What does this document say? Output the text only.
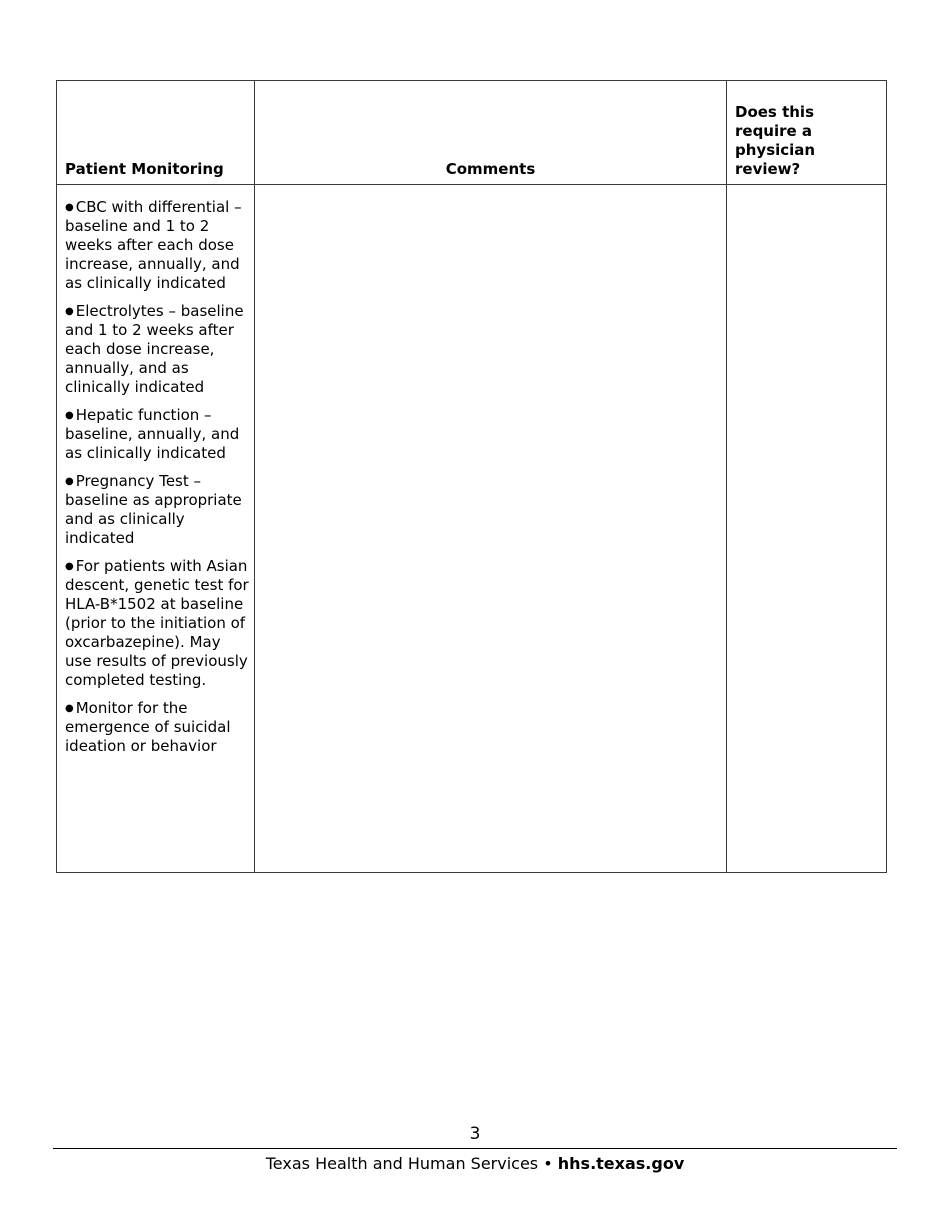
Patient Monitoring	Comments
Does this require a physician review?
● CBC with differential – baseline and 1 to 2 weeks after each dose increase, annually, and as clinically indicated
● Electrolytes – baseline and 1 to 2 weeks after each dose increase, annually, and as clinically indicated
● Hepatic function – baseline, annually, and as clinically indicated
● Pregnancy Test – baseline as appropriate and as clinically indicated
● For patients with Asian descent, genetic test for HLA-B*1502 at baseline (prior to the initiation of oxcarbazepine). May use results of previously completed testing.
● Monitor for the emergence of suicidal ideation or behavior
3
Texas Health and Human Services • hhs.texas.gov
